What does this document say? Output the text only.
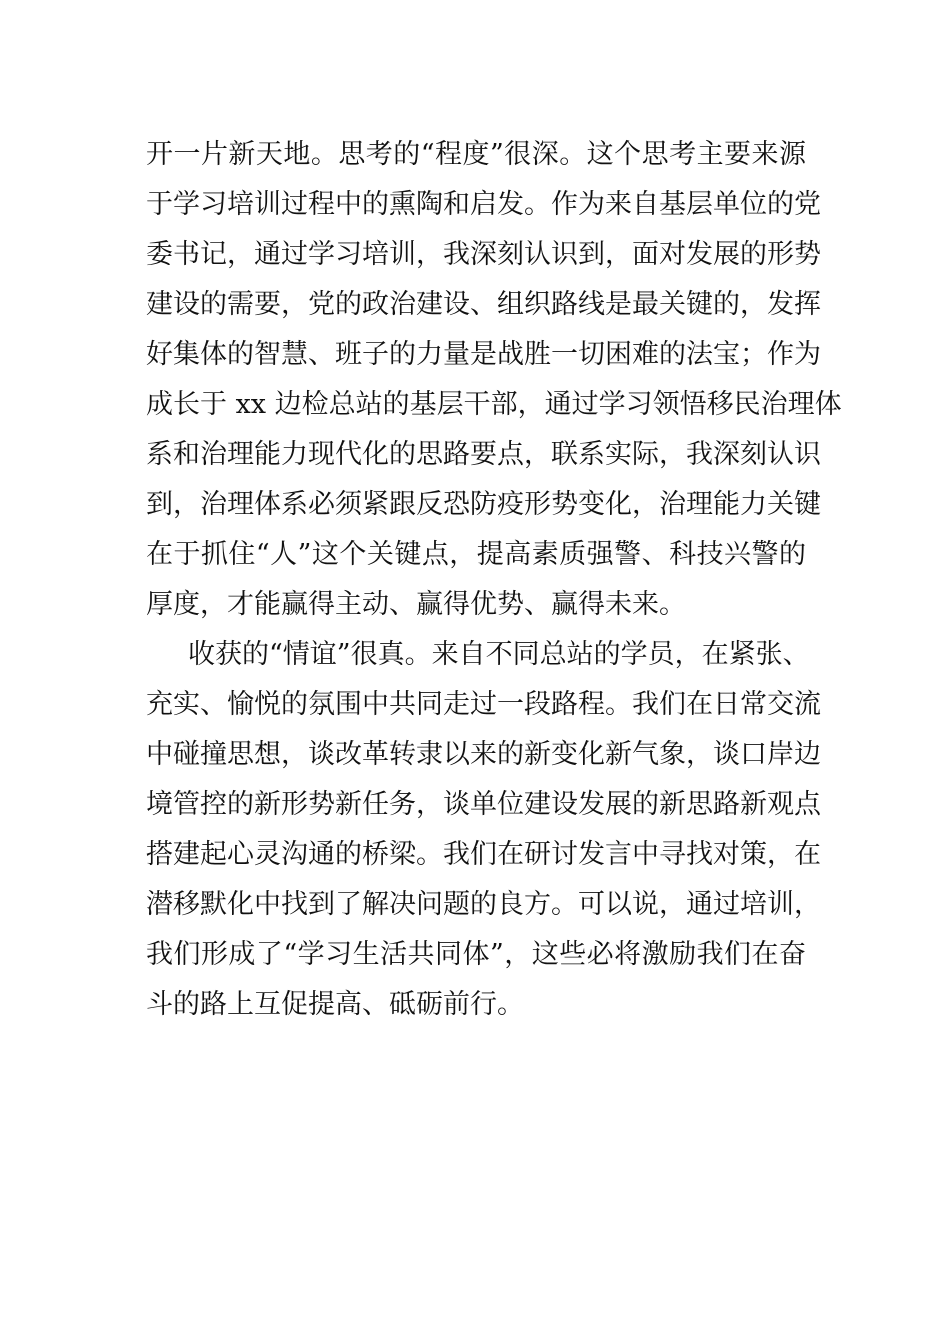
开一片新天地。思考的“程度”很深。这个思考主要来源
于学习培训过程中的熏陶和启发。作为来自基层单位的党
委书记，通过学习培训，我深刻认识到，面对发展的形势
建设的需要，党的政治建设、组织路线是最关键的，发挥
好集体的智慧、班子的力量是战胜一切困难的法宝；作为
成长于 xx 边检总站的基层干部，通过学习领悟移民治理体
系和治理能力现代化的思路要点，联系实际，我深刻认识
到，治理体系必须紧跟反恐防疫形势变化，治理能力关键
在于抓住“人”这个关键点，提高素质强警、科技兴警的
厚度，才能赢得主动、赢得优势、赢得未来。
收获的“情谊”很真。来自不同总站的学员，在紧张、
充实、愉悦的氛围中共同走过一段路程。我们在日常交流
中碰撞思想，谈改革转隶以来的新变化新气象，谈口岸边
境管控的新形势新任务，谈单位建设发展的新思路新观点
搭建起心灵沟通的桥梁。我们在研讨发言中寻找对策，在
潜移默化中找到了解决问题的良方。可以说，通过培训，
我们形成了“学习生活共同体”，这些必将激励我们在奋
斗的路上互促提高、砥砺前行。
